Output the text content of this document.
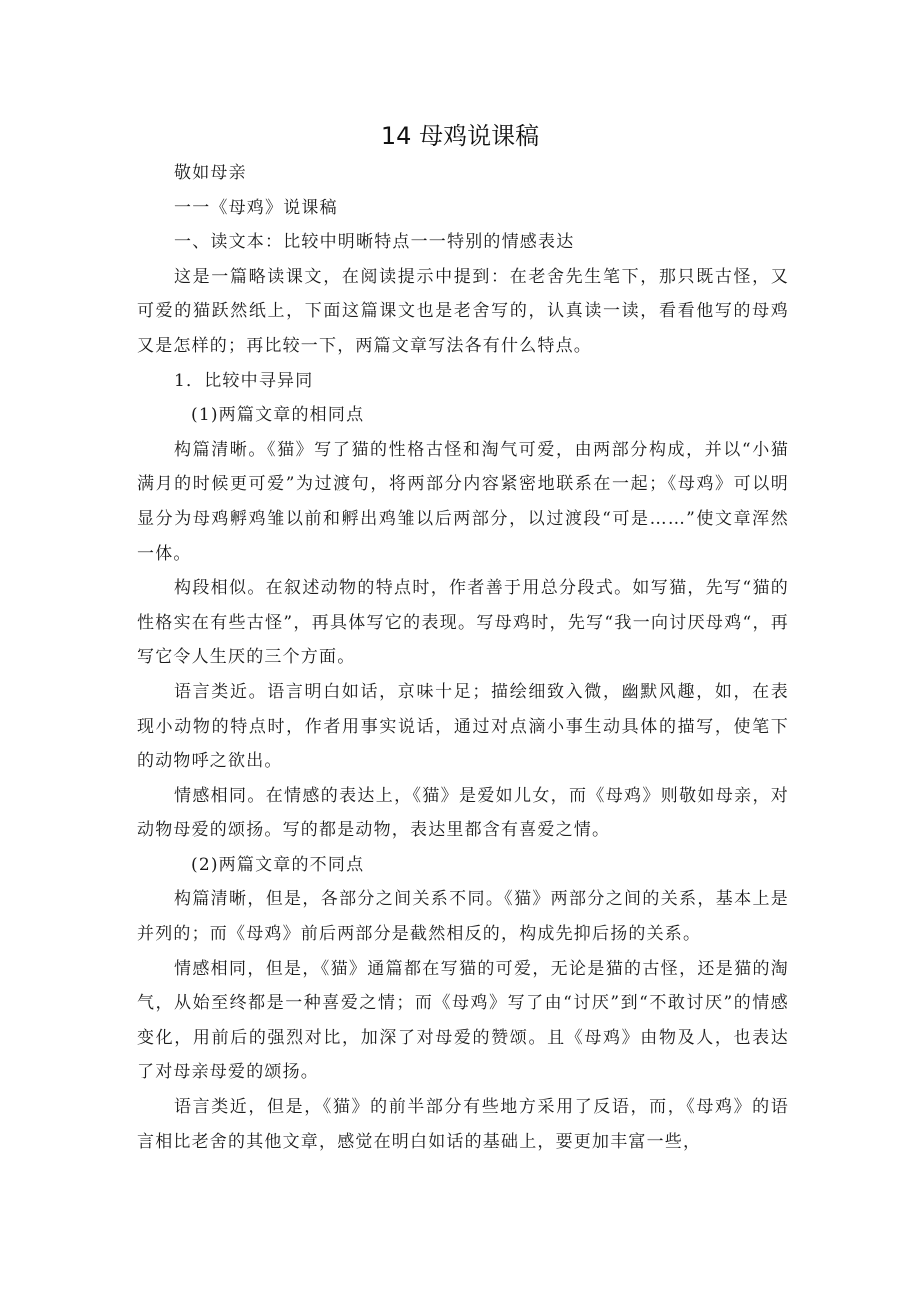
14 母鸡说课稿

敬如母亲

一一《母鸡》说课稿

一、读文本：比较中明晰特点一一特别的情感表达

这是一篇略读课文，在阅读提示中提到：在老舍先生笔下，那只既古怪，又可爱的猫跃然纸上，下面这篇课文也是老舍写的，认真读一读，看看他写的母鸡又是怎样的；再比较一下，两篇文章写法各有什么特点。

1．比较中寻异同

(1)两篇文章的相同点

构篇清晰。《猫》写了猫的性格古怪和淘气可爱，由两部分构成，并以“小猫满月的时候更可爱”为过渡句，将两部分内容紧密地联系在一起；《母鸡》可以明显分为母鸡孵鸡雏以前和孵出鸡雏以后两部分，以过渡段“可是……”使文章浑然一体。

构段相似。在叙述动物的特点时，作者善于用总分段式。如写猫，先写“猫的性格实在有些古怪”，再具体写它的表现。写母鸡时，先写“我一向讨厌母鸡“，再写它令人生厌的三个方面。

语言类近。语言明白如话，京味十足；描绘细致入微，幽默风趣，如，在表现小动物的特点时，作者用事实说话，通过对点滴小事生动具体的描写，使笔下的动物呼之欲出。

情感相同。在情感的表达上，《猫》是爱如儿女，而《母鸡》则敬如母亲，对动物母爱的颂扬。写的都是动物，表达里都含有喜爱之情。

(2)两篇文章的不同点

构篇清晰，但是，各部分之间关系不同。《猫》两部分之间的关系，基本上是并列的；而《母鸡》前后两部分是截然相反的，构成先抑后扬的关系。

情感相同，但是，《猫》通篇都在写猫的可爱，无论是猫的古怪，还是猫的淘气，从始至终都是一种喜爱之情；而《母鸡》写了由“讨厌”到“不敢讨厌”的情感变化，用前后的强烈对比，加深了对母爱的赞颂。且《母鸡》由物及人，也表达了对母亲母爱的颂扬。

语言类近，但是，《猫》的前半部分有些地方采用了反语，而，《母鸡》的语言相比老舍的其他文章，感觉在明白如话的基础上，要更加丰富一些，
